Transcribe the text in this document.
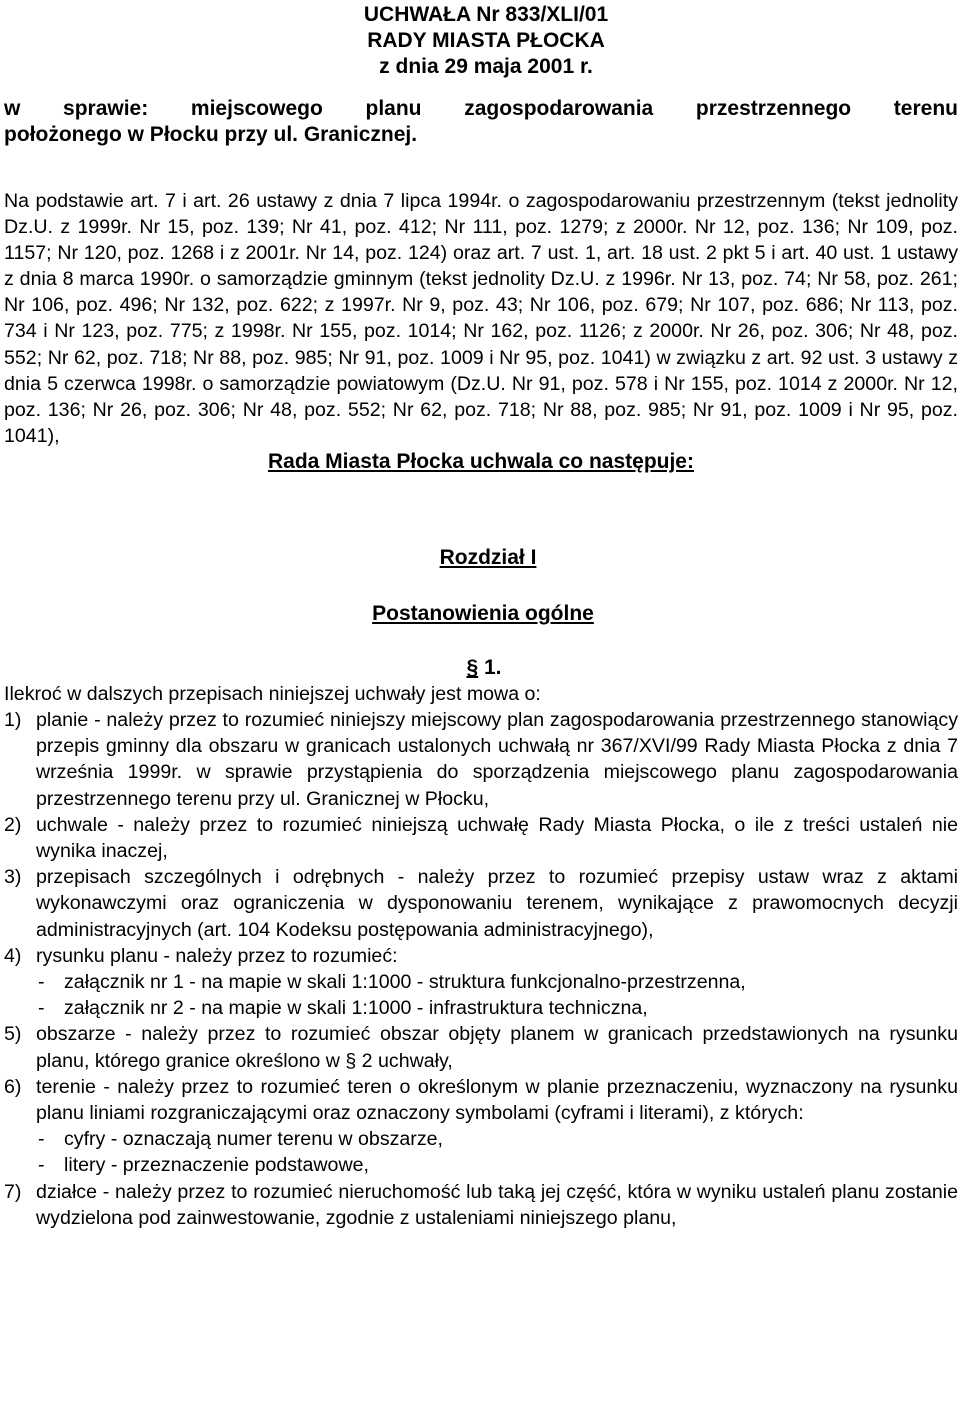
UCHWAŁA Nr 833/XLI/01

RADY MIASTA PŁOCKA

z dnia 29 maja 2001 r.

w sprawie: miejscowego planu zagospodarowania przestrzennego terenu
położonego w Płocku przy ul. Granicznej.
Na podstawie art. 7 i art. 26 ustawy z dnia 7 lipca 1994r. o zagospodarowaniu przestrzennym (tekst jednolity Dz.U. z 1999r. Nr 15, poz. 139; Nr 41, poz. 412; Nr 111, poz. 1279; z 2000r. Nr 12, poz. 136; Nr 109, poz. 1157; Nr 120, poz. 1268 i z 2001r. Nr 14, poz. 124) oraz art. 7 ust. 1, art. 18 ust. 2 pkt 5 i art. 40 ust. 1 ustawy z dnia 8 marca 1990r. o samorządzie gminnym (tekst jednolity Dz.U. z 1996r. Nr 13, poz. 74; Nr 58, poz. 261; Nr 106, poz. 496; Nr 132, poz. 622; z 1997r. Nr 9, poz. 43; Nr 106, poz. 679; Nr 107, poz. 686; Nr 113, poz. 734 i Nr 123, poz. 775; z 1998r. Nr 155, poz. 1014; Nr 162, poz. 1126; z 2000r. Nr 26, poz. 306; Nr 48, poz. 552; Nr 62, poz. 718; Nr 88, poz. 985; Nr 91, poz. 1009 i Nr 95, poz. 1041) w związku z art. 92 ust. 3 ustawy z dnia 5 czerwca 1998r. o samorządzie powiatowym (Dz.U. Nr 91, poz. 578 i Nr 155, poz. 1014 z 2000r. Nr 12, poz. 136; Nr 26, poz. 306; Nr 48, poz. 552; Nr 62, poz. 718; Nr 88, poz. 985; Nr 91, poz. 1009 i Nr 95, poz. 1041),
Rada Miasta Płocka uchwala co następuje:
Rozdział I
Postanowienia ogólne
§ 1.
Ilekroć w dalszych przepisach niniejszej uchwały jest mowa o:
1) planie - należy przez to rozumieć niniejszy miejscowy plan zagospodarowania przestrzennego stanowiący przepis gminny dla obszaru w granicach ustalonych uchwałą nr 367/XVI/99 Rady Miasta Płocka z dnia 7 września 1999r. w sprawie przystąpienia do sporządzenia miejscowego planu zagospodarowania przestrzennego terenu przy ul. Granicznej w Płocku,
2) uchwale - należy przez to rozumieć niniejszą uchwałę Rady Miasta Płocka, o ile z treści ustaleń nie wynika inaczej,
3) przepisach szczególnych i odrębnych - należy przez to rozumieć przepisy ustaw wraz z aktami wykonawczymi oraz ograniczenia w dysponowaniu terenem, wynikające z prawomocnych decyzji administracyjnych (art. 104 Kodeksu postępowania administracyjnego),
4) rysunku planu - należy przez to rozumieć:
- załącznik nr 1 - na mapie w skali 1:1000 - struktura funkcjonalno-przestrzenna,
- załącznik nr 2 - na mapie w skali 1:1000 - infrastruktura techniczna,
5) obszarze - należy przez to rozumieć obszar objęty planem w granicach przedstawionych na rysunku planu, którego granice określono w § 2 uchwały,
6) terenie - należy przez to rozumieć teren o określonym w planie przeznaczeniu, wyznaczony na rysunku planu liniami rozgraniczającymi oraz oznaczony symbolami (cyframi i literami), z których:
- cyfry - oznaczają numer terenu w obszarze,
- litery - przeznaczenie podstawowe,
7) działce - należy przez to rozumieć nieruchomość lub taką jej część, która w wyniku ustaleń planu zostanie wydzielona pod zainwestowanie, zgodnie z ustaleniami niniejszego planu,
